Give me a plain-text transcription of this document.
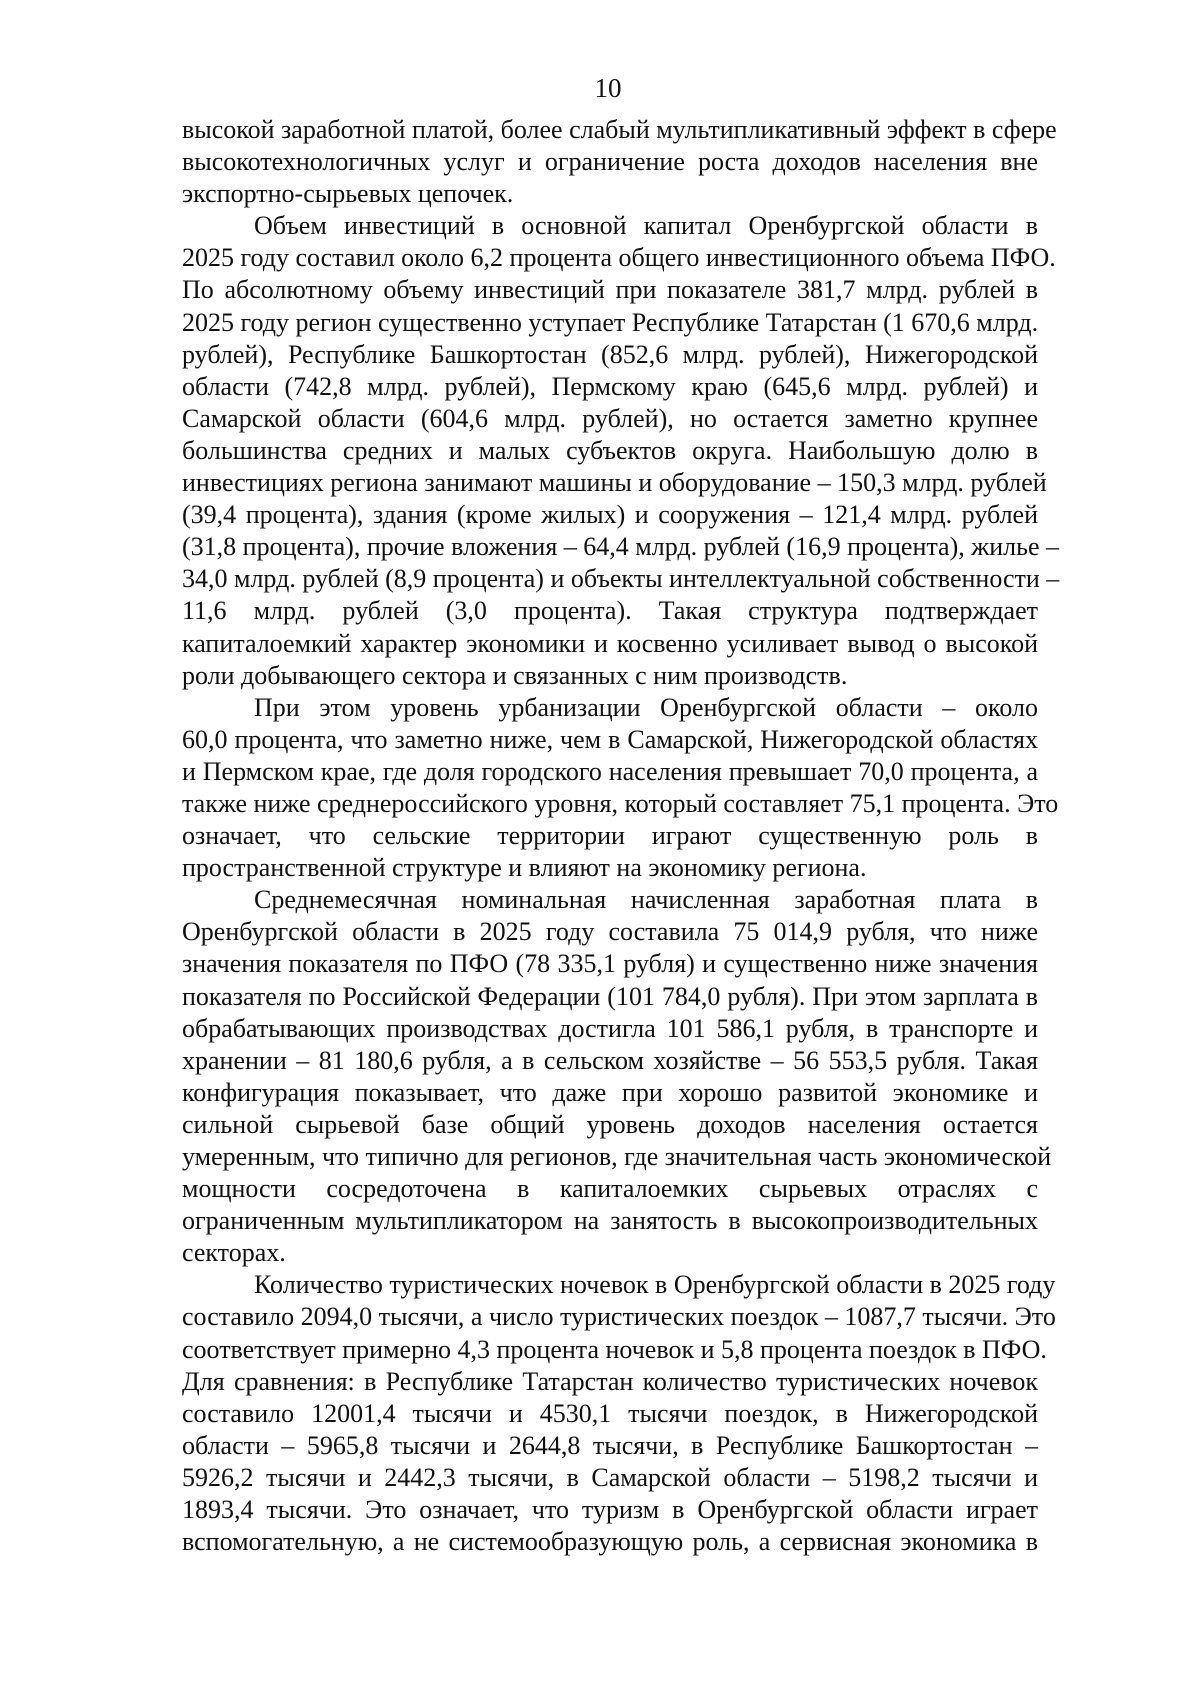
10
высокой заработной платой, более слабый мультипликативный эффект в сфере
высокотехнологичных услуг и ограничение роста доходов населения вне
экспортно-сырьевых цепочек.
Объем инвестиций в основной капитал Оренбургской области в
2025 году составил около 6,2 процента общего инвестиционного объема ПФО.
По абсолютному объему инвестиций при показателе 381,7 млрд. рублей в
2025 году регион существенно уступает Республике Татарстан (1 670,6 млрд.
рублей), Республике Башкортостан (852,6 млрд. рублей), Нижегородской
области (742,8 млрд. рублей), Пермскому краю (645,6 млрд. рублей) и
Самарской области (604,6 млрд. рублей), но остается заметно крупнее
большинства средних и малых субъектов округа. Наибольшую долю в
инвестициях региона занимают машины и оборудование – 150,3 млрд. рублей
(39,4 процента), здания (кроме жилых) и сооружения – 121,4 млрд. рублей
(31,8 процента), прочие вложения – 64,4 млрд. рублей (16,9 процента), жилье –
34,0 млрд. рублей (8,9 процента) и объекты интеллектуальной собственности –
11,6 млрд. рублей (3,0 процента). Такая структура подтверждает
капиталоемкий характер экономики и косвенно усиливает вывод о высокой
роли добывающего сектора и связанных с ним производств.
При этом уровень урбанизации Оренбургской области – около
60,0 процента, что заметно ниже, чем в Самарской, Нижегородской областях
и Пермском крае, где доля городского населения превышает 70,0 процента, а
также ниже среднероссийского уровня, который составляет 75,1 процента. Это
означает, что сельские территории играют существенную роль в
пространственной структуре и влияют на экономику региона.
Среднемесячная номинальная начисленная заработная плата в
Оренбургской области в 2025 году составила 75 014,9 рубля, что ниже
значения показателя по ПФО (78 335,1 рубля) и существенно ниже значения
показателя по Российской Федерации (101 784,0 рубля). При этом зарплата в
обрабатывающих производствах достигла 101 586,1 рубля, в транспорте и
хранении – 81 180,6 рубля, а в сельском хозяйстве – 56 553,5 рубля. Такая
конфигурация показывает, что даже при хорошо развитой экономике и
сильной сырьевой базе общий уровень доходов населения остается
умеренным, что типично для регионов, где значительная часть экономической
мощности сосредоточена в капиталоемких сырьевых отраслях с
ограниченным мультипликатором на занятость в высокопроизводительных
секторах.
Количество туристических ночевок в Оренбургской области в 2025 году
составило 2094,0 тысячи, а число туристических поездок – 1087,7 тысячи. Это
соответствует примерно 4,3 процента ночевок и 5,8 процента поездок в ПФО.
Для сравнения: в Республике Татарстан количество туристических ночевок
составило 12001,4 тысячи и 4530,1 тысячи поездок, в Нижегородской
области – 5965,8 тысячи и 2644,8 тысячи, в Республике Башкортостан –
5926,2 тысячи и 2442,3 тысячи, в Самарской области – 5198,2 тысячи и
1893,4 тысячи. Это означает, что туризм в Оренбургской области играет
вспомогательную, а не системообразующую роль, а сервисная экономика в
